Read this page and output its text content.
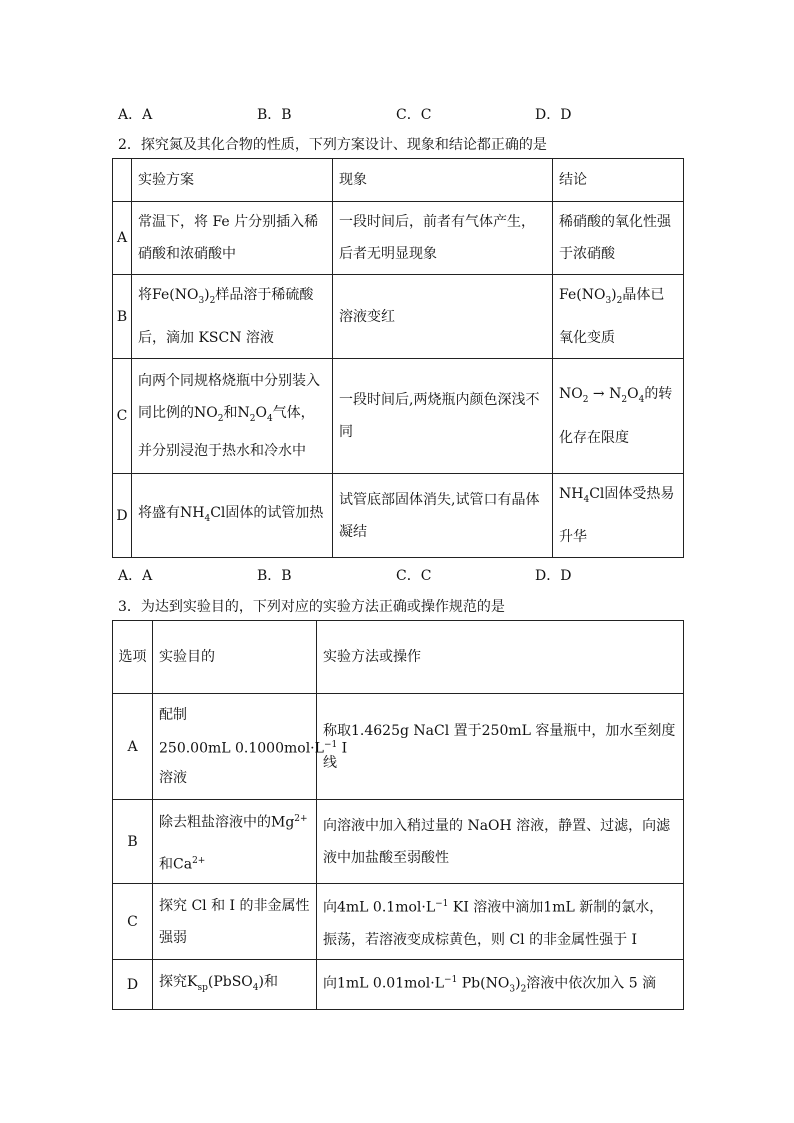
A．A	B．B	C．C	D．D
2．探究氮及其化合物的性质，下列方案设计、现象和结论都正确的是
	实验方案	现象	结论
A	常温下，将 Fe 片分别插入稀硝酸和浓硝酸中	一段时间后，前者有气体产生，后者无明显现象	稀硝酸的氧化性强于浓硝酸
B	将$Fe(NO_3)_2$样品溶于稀硫酸后，滴加 KSCN 溶液	溶液变红	$Fe(NO_3)_2$晶体已氧化变质
C	向两个同规格烧瓶中分别装入同比例的$NO_2$和$N_2O_4$气体，并分别浸泡于热水和冷水中	一段时间后,两烧瓶内颜色深浅不同	$NO_2 \to N_2O_4$的转化存在限度
D	将盛有$NH_4Cl$固体的试管加热	试管底部固体消失,试管口有晶体凝结	$NH_4Cl$固体受热易升华
A．A	B．B	C．C	D．D
3．为达到实验目的，下列对应的实验方法正确或操作规范的是
选项	实验目的	实验方法或操作
A	配制
250.00mL $0.1000mol\cdot L^{-1}$ I
溶液	称取1.4625g NaCl 置于250mL 容量瓶中，加水至刻度线
B	除去粗盐溶液中的$Mg^{2+}$
和$Ca^{2+}$	向溶液中加入稍过量的 NaOH 溶液，静置、过滤，向滤液中加盐酸至弱酸性
C	探究 Cl 和 I 的非金属性强弱	向4mL $0.1mol\cdot L^{-1}$ KI 溶液中滴加1mL 新制的氯水，振荡，若溶液变成棕黄色，则 Cl 的非金属性强于 I
D	探究$K_{sp}(PbSO_4)$和	向1mL $0.01mol\cdot L^{-1}$ $Pb(NO_3)_2$溶液中依次加入 5 滴
